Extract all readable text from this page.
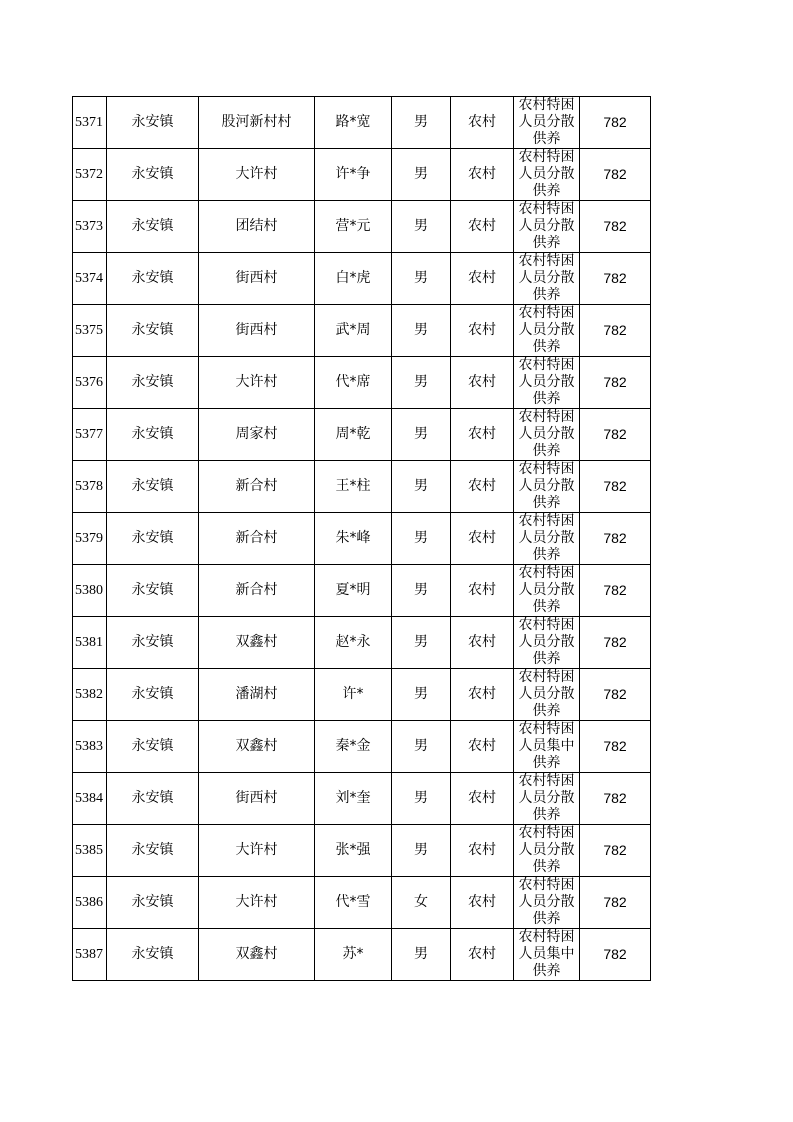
5371	永安镇	股河新村村	路*宽	男	农村	农村特困人员分散供养	782
5372	永安镇	大许村	许*争	男	农村	农村特困人员分散供养	782
5373	永安镇	团结村	营*元	男	农村	农村特困人员分散供养	782
5374	永安镇	街西村	白*虎	男	农村	农村特困人员分散供养	782
5375	永安镇	街西村	武*周	男	农村	农村特困人员分散供养	782
5376	永安镇	大许村	代*席	男	农村	农村特困人员分散供养	782
5377	永安镇	周家村	周*乾	男	农村	农村特困人员分散供养	782
5378	永安镇	新合村	王*柱	男	农村	农村特困人员分散供养	782
5379	永安镇	新合村	朱*峰	男	农村	农村特困人员分散供养	782
5380	永安镇	新合村	夏*明	男	农村	农村特困人员分散供养	782
5381	永安镇	双鑫村	赵*永	男	农村	农村特困人员分散供养	782
5382	永安镇	潘湖村	许*	男	农村	农村特困人员分散供养	782
5383	永安镇	双鑫村	秦*金	男	农村	农村特困人员集中供养	782
5384	永安镇	街西村	刘*奎	男	农村	农村特困人员分散供养	782
5385	永安镇	大许村	张*强	男	农村	农村特困人员分散供养	782
5386	永安镇	大许村	代*雪	女	农村	农村特困人员分散供养	782
5387	永安镇	双鑫村	苏*	男	农村	农村特困人员集中供养	782
